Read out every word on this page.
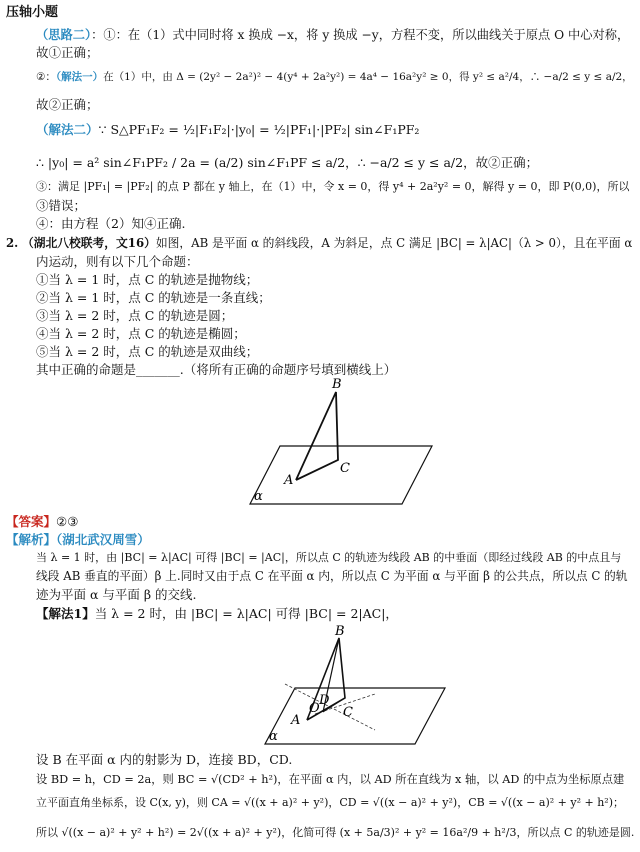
压轴小题
（思路二）：①：在（1）式中同时将 x 换成 −x，将 y 换成 −y，方程不变，所以曲线关于原点 O 中心对称，
故①正确；
②：（解法一）在（1）中，由 Δ = (2y² − 2a²)² − 4(y⁴ + 2a²y²) = 4a⁴ − 16a²y² ≥ 0，得 y² ≤ a²/4，∴ −a/2 ≤ y ≤ a/2，
故②正确；
（解法二）∵ S△PF₁F₂ = ½|F₁F₂|·|y₀| = ½|PF₁|·|PF₂| sin∠F₁PF₂
∴ |y₀| = a² sin∠F₁PF₂ / 2a = (a/2) sin∠F₁PF ≤ a/2，∴ −a/2 ≤ y ≤ a/2，故②正确；
③：满足 |PF₁| = |PF₂| 的点 P 都在 y 轴上，在（1）中，令 x = 0，得 y⁴ + 2a²y² = 0，解得 y = 0，即 P(0,0)，所以
③错误；
④：由方程（2）知④正确.
2. （湖北八校联考，文16）如图，AB 是平面 α 的斜线段，A 为斜足，点 C 满足 |BC| = λ|AC|（λ > 0），且在平面 α
内运动，则有以下几个命题：
①当 λ = 1 时，点 C 的轨迹是抛物线；
②当 λ = 1 时，点 C 的轨迹是一条直线；
③当 λ = 2 时，点 C 的轨迹是圆；
④当 λ = 2 时，点 C 的轨迹是椭圆；
⑤当 λ = 2 时，点 C 的轨迹是双曲线；
其中正确的命题是_______.（将所有正确的命题序号填到横线上）
B
A
C
α
【答案】②③
【解析】（湖北武汉周雪）
当 λ = 1 时，由 |BC| = λ|AC| 可得 |BC| = |AC|，所以点 C 的轨迹为线段 AB 的中垂面（即经过线段 AB 的中点且与
线段 AB 垂直的平面）β 上.同时又由于点 C 在平面 α 内，所以点 C 为平面 α 与平面 β 的公共点，所以点 C 的轨
迹为平面 α 与平面 β 的交线.
【解法1】当 λ = 2 时，由 |BC| = λ|AC| 可得 |BC| = 2|AC|，
B
A
O
D
C
α
设 B 在平面 α 内的射影为 D，连接 BD，CD.
设 BD = h，CD = 2a，则 BC = √(CD² + h²)，在平面 α 内，以 AD 所在直线为 x 轴，以 AD 的中点为坐标原点建
立平面直角坐标系，设 C(x, y)，则 CA = √((x + a)² + y²)，CD = √((x − a)² + y²)，CB = √((x − a)² + y² + h²)；
所以 √((x − a)² + y² + h²) = 2√((x + a)² + y²)，化简可得 (x + 5a/3)² + y² = 16a²/9 + h²/3，所以点 C 的轨迹是圆.
